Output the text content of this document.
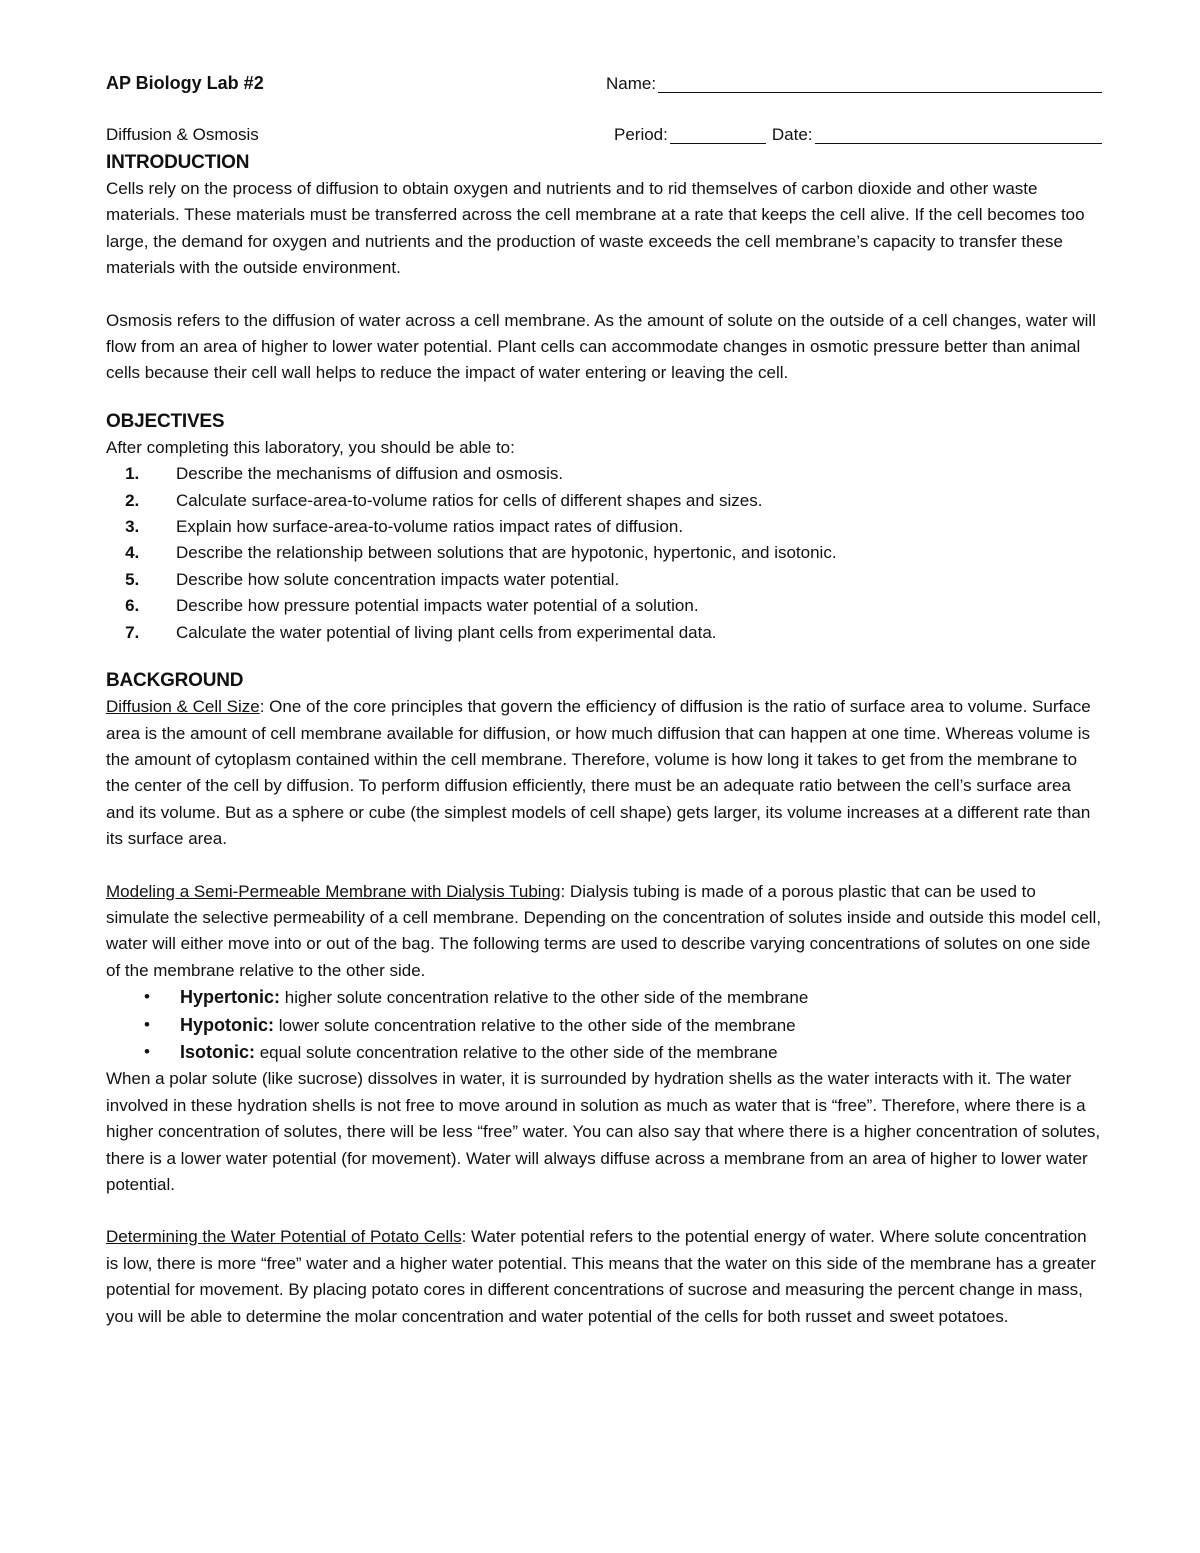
AP Biology Lab #2	Name:
Diffusion & Osmosis	Period:	Date:
INTRODUCTION

Cells rely on the process of diffusion to obtain oxygen and nutrients and to rid themselves of carbon dioxide and other waste materials. These materials must be transferred across the cell membrane at a rate that keeps the cell alive. If the cell becomes too large, the demand for oxygen and nutrients and the production of waste exceeds the cell membrane’s capacity to transfer these materials with the outside environment.

Osmosis refers to the diffusion of water across a cell membrane. As the amount of solute on the outside of a cell changes, water will flow from an area of higher to lower water potential. Plant cells can accommodate changes in osmotic pressure better than animal cells because their cell wall helps to reduce the impact of water entering or leaving the cell.

OBJECTIVES

After completing this laboratory, you should be able to:

1. Describe the mechanisms of diffusion and osmosis.
2. Calculate surface-area-to-volume ratios for cells of different shapes and sizes.
3. Explain how surface-area-to-volume ratios impact rates of diffusion.
4. Describe the relationship between solutions that are hypotonic, hypertonic, and isotonic.
5. Describe how solute concentration impacts water potential.
6. Describe how pressure potential impacts water potential of a solution.
7. Calculate the water potential of living plant cells from experimental data.
BACKGROUND

Diffusion & Cell Size: One of the core principles that govern the efficiency of diffusion is the ratio of surface area to volume. Surface area is the amount of cell membrane available for diffusion, or how much diffusion that can happen at one time. Whereas volume is the amount of cytoplasm contained within the cell membrane. Therefore, volume is how long it takes to get from the membrane to the center of the cell by diffusion. To perform diffusion efficiently, there must be an adequate ratio between the cell’s surface area and its volume. But as a sphere or cube (the simplest models of cell shape) gets larger, its volume increases at a different rate than its surface area.

Modeling a Semi-Permeable Membrane with Dialysis Tubing: Dialysis tubing is made of a porous plastic that can be used to simulate the selective permeability of a cell membrane. Depending on the concentration of solutes inside and outside this model cell, water will either move into or out of the bag. The following terms are used to describe varying concentrations of solutes on one side of the membrane relative to the other side.

• Hypertonic: higher solute concentration relative to the other side of the membrane
• Hypotonic: lower solute concentration relative to the other side of the membrane
• Isotonic: equal solute concentration relative to the other side of the membrane

When a polar solute (like sucrose) dissolves in water, it is surrounded by hydration shells as the water interacts with it. The water involved in these hydration shells is not free to move around in solution as much as water that is “free”. Therefore, where there is a higher concentration of solutes, there will be less “free” water. You can also say that where there is a higher concentration of solutes, there is a lower water potential (for movement). Water will always diffuse across a membrane from an area of higher to lower water potential.

Determining the Water Potential of Potato Cells: Water potential refers to the potential energy of water. Where solute concentration is low, there is more “free” water and a higher water potential. This means that the water on this side of the membrane has a greater potential for movement. By placing potato cores in different concentrations of sucrose and measuring the percent change in mass, you will be able to determine the molar concentration and water potential of the cells for both russet and sweet potatoes.
